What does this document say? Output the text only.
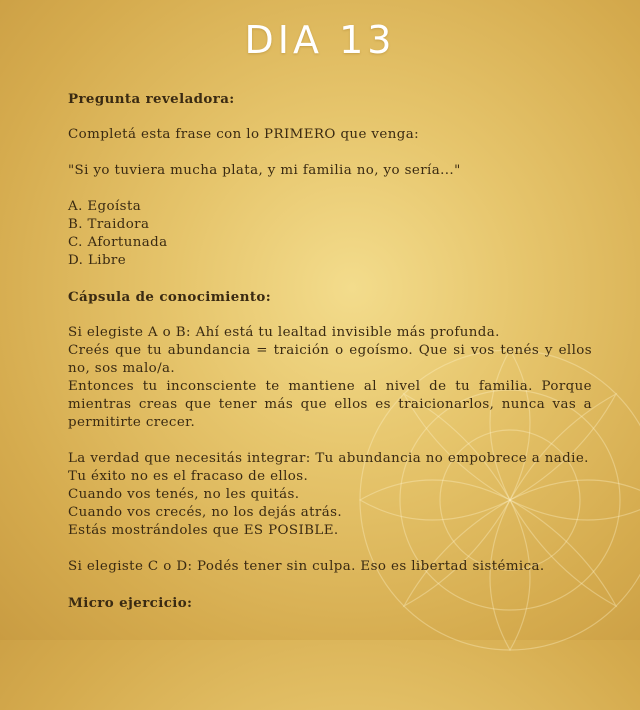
DIA 13

Pregunta reveladora:

Completá esta frase con lo PRIMERO que venga:

"Si yo tuviera mucha plata, y mi familia no, yo sería..."

A. Egoísta

B. Traidora

C. Afortunada

D. Libre

Cápsula de conocimiento:

Si elegiste A o B: Ahí está tu lealtad invisible más profunda.

Creés que tu abundancia = traición o egoísmo. Que si vos tenés y ellos no, sos malo/a.

Entonces tu inconsciente te mantiene al nivel de tu familia. Porque mientras creas que tener más que ellos es traicionarlos, nunca vas a permitirte crecer.

La verdad que necesitás integrar: Tu abundancia no empobrece a nadie.

Tu éxito no es el fracaso de ellos.

Cuando vos tenés, no les quitás.

Cuando vos crecés, no los dejás atrás.

Estás mostrándoles que ES POSIBLE.

Si elegiste C o D: Podés tener sin culpa. Eso es libertad sistémica.

Micro ejercicio:
